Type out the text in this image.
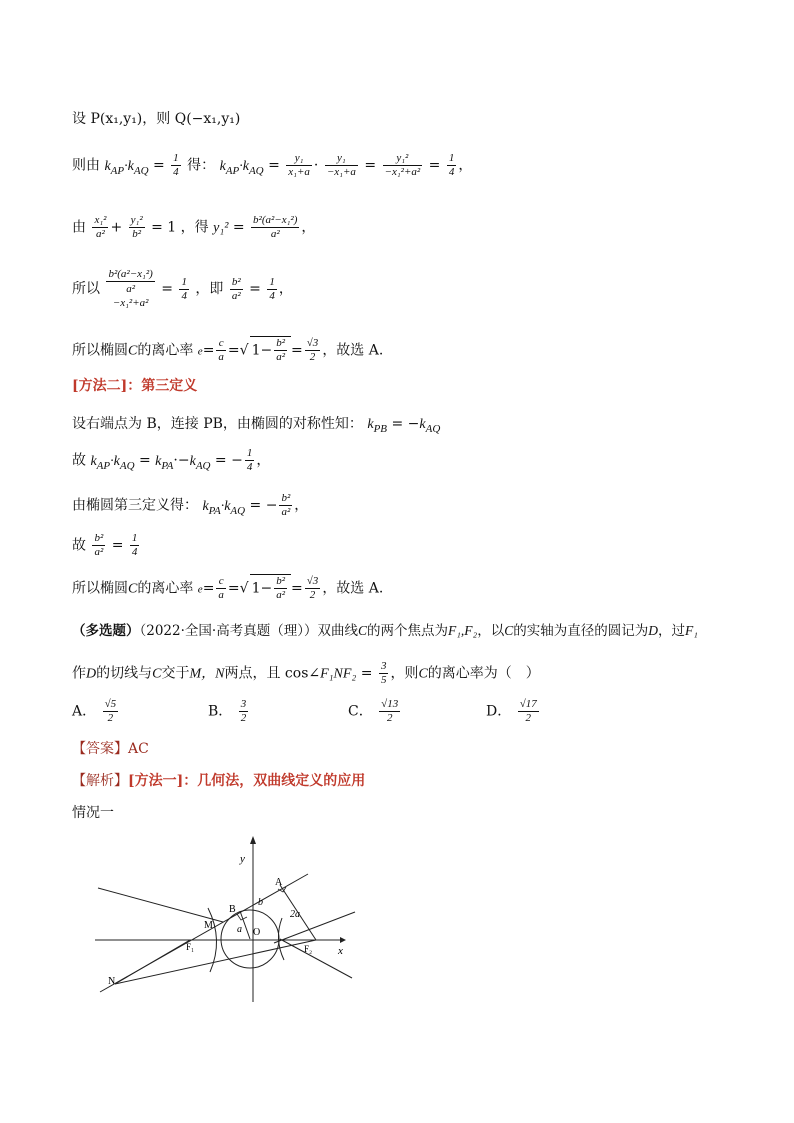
设 P(x₁,y₁)，则 Q(−x₁,y₁)
则由 $k_{AP}\cdot k_{AQ} = \frac{1}{4}$ 得： $k_{AP}\cdot k_{AQ} = \frac{\text{y₁}}{\text{x₁+a}} \cdot \frac{\text{y₁}}{\text{−x₁+a}} = \frac{\text{y₁²}}{\text{−x₁²+a²}} = \frac{1}{4}$ ，
由 $\frac{\text{x₁²}}{\text{a²}} + \frac{\text{y₁²}}{\text{b²}} = 1$ ，得 $y_1^2 = \frac{\text{b²(a²−x₁²)}}{\text{a²}}$ ，
所以
b²(a²−x₁²)
a²
−x₁²+a²
= $\frac{1}{4}$ ，即 $\frac{\text{b²}}{\text{a²}} = \frac{1}{4}$ ，
所以椭圆C的离心率 $e= \frac{c}{a}$ =√ $1- \frac{\text{b²}}{\text{a²}} = \frac{√3}{2}$ ，故选 A.
[方法二]：第三定义
设右端点为 B，连接 PB，由椭圆的对称性知： $k_{PB} = -k_{AQ}$
故 $k_{AP}\cdot k_{AQ} = k_{PA}\cdot-k_{AQ}$ = − $\frac{1}{4}$ ，
由椭圆第三定义得： $k_{PA}\cdot k_{AQ}$ = − $\frac{\text{b²}}{\text{a²}}$ ，
故 $\frac{\text{b²}}{\text{a²}} = \frac{1}{4}$
所以椭圆C的离心率 $e= \frac{c}{a}$ =√ $1- \frac{\text{b²}}{\text{a²}} = \frac{√3}{2}$ ，故选 A.
（多选题）（2022·全国·高考真题（理））双曲线C的两个焦点为F₁,F₂，以C的实轴为直径的圆记为D，过F₁
作D的切线与C交于M，N两点，且 cos∠F₁NF₂ = $\frac{3}{5}$ ，则C的离心率为（　）
A． $\frac{√5}{2}$	B． $\frac{3}{2}$	C． $\frac{√13}{2}$	D． $\frac{√17}{2}$
【答案】AC
【解析】[方法一]：几何法，双曲线定义的应用
情况一
y
x
O
A
B
M
N
F₁	F₂
a
b
2a
